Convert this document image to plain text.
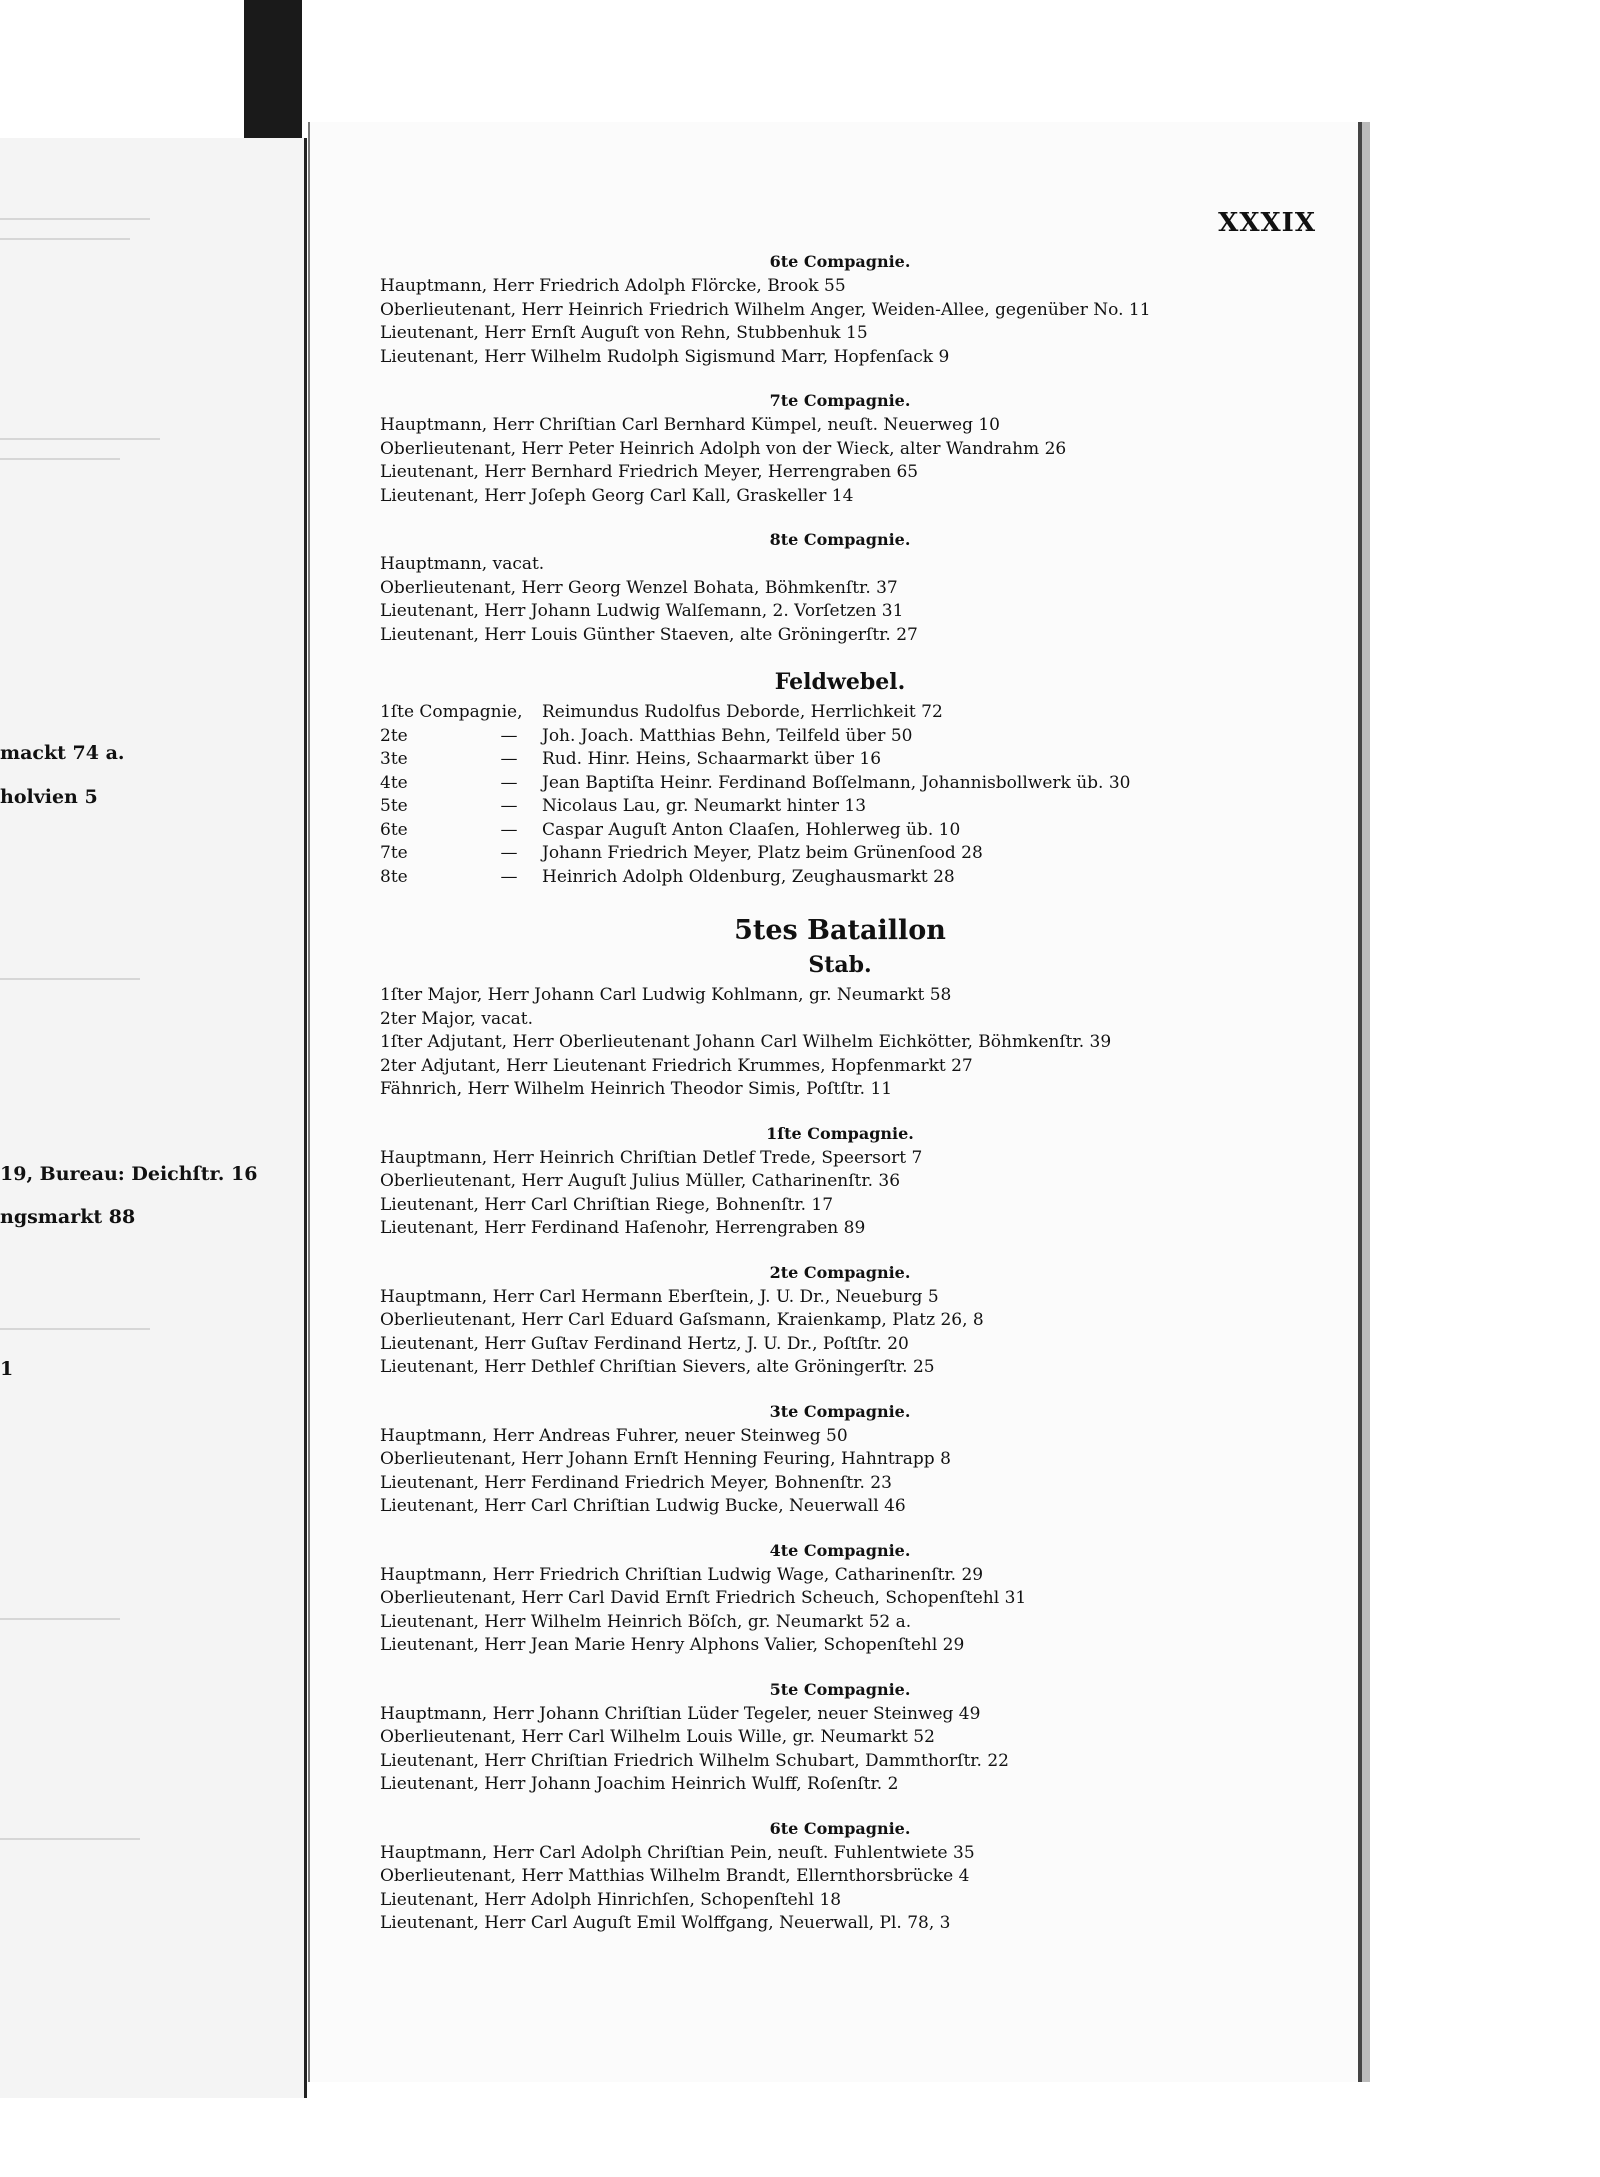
mackt 74 a.
holvien 5
19, Bureau: Deichſtr. 16
ngsmarkt 88
1
XXXIX
6te Compagnie.
Hauptmann, Herr Friedrich Adolph Flörcke, Brook 55
Oberlieutenant, Herr Heinrich Friedrich Wilhelm Anger, Weiden-Allee, gegenüber No. 11
Lieutenant, Herr Ernſt Auguſt von Rehn, Stubbenhuk 15
Lieutenant, Herr Wilhelm Rudolph Sigismund Marr, Hopfenſack 9
7te Compagnie.
Hauptmann, Herr Chriſtian Carl Bernhard Kümpel, neuſt. Neuerweg 10
Oberlieutenant, Herr Peter Heinrich Adolph von der Wieck, alter Wandrahm 26
Lieutenant, Herr Bernhard Friedrich Meyer, Herrengraben 65
Lieutenant, Herr Joſeph Georg Carl Kall, Graskeller 14
8te Compagnie.
Hauptmann, vacat.
Oberlieutenant, Herr Georg Wenzel Bohata, Böhmkenſtr. 37
Lieutenant, Herr Johann Ludwig Walſemann, 2. Vorſetzen 31
Lieutenant, Herr Louis Günther Staeven, alte Gröningerſtr. 27
Feldwebel.
1ſte Compagnie,	Reimundus Rudolfus Deborde, Herrlichkeit 72
2te	—	Joh. Joach. Matthias Behn, Teilfeld über 50
3te	—	Rud. Hinr. Heins, Schaarmarkt über 16
4te	—	Jean Baptiſta Heinr. Ferdinand Boſſelmann, Johannisbollwerk üb. 30
5te	—	Nicolaus Lau, gr. Neumarkt hinter 13
6te	—	Caspar Auguſt Anton Claaſen, Hohlerweg üb. 10
7te	—	Johann Friedrich Meyer, Platz beim Grünenſood 28
8te	—	Heinrich Adolph Oldenburg, Zeughausmarkt 28
5tes Bataillon
Stab.
1ſter Major, Herr Johann Carl Ludwig Kohlmann, gr. Neumarkt 58
2ter Major, vacat.
1ſter Adjutant, Herr Oberlieutenant Johann Carl Wilhelm Eichkötter, Böhmkenſtr. 39
2ter Adjutant, Herr Lieutenant Friedrich Krummes, Hopfenmarkt 27
Fähnrich, Herr Wilhelm Heinrich Theodor Simis, Poſtſtr. 11
1ſte Compagnie.
Hauptmann, Herr Heinrich Chriſtian Detlef Trede, Speersort 7
Oberlieutenant, Herr Auguſt Julius Müller, Catharinenſtr. 36
Lieutenant, Herr Carl Chriſtian Riege, Bohnenſtr. 17
Lieutenant, Herr Ferdinand Haſenohr, Herrengraben 89
2te Compagnie.
Hauptmann, Herr Carl Hermann Eberſtein, J. U. Dr., Neueburg 5
Oberlieutenant, Herr Carl Eduard Gaſsmann, Kraienkamp, Platz 26, 8
Lieutenant, Herr Guſtav Ferdinand Hertz, J. U. Dr., Poſtſtr. 20
Lieutenant, Herr Dethlef Chriſtian Sievers, alte Gröningerſtr. 25
3te Compagnie.
Hauptmann, Herr Andreas Fuhrer, neuer Steinweg 50
Oberlieutenant, Herr Johann Ernſt Henning Feuring, Hahntrapp 8
Lieutenant, Herr Ferdinand Friedrich Meyer, Bohnenſtr. 23
Lieutenant, Herr Carl Chriſtian Ludwig Bucke, Neuerwall 46
4te Compagnie.
Hauptmann, Herr Friedrich Chriſtian Ludwig Wage, Catharinenſtr. 29
Oberlieutenant, Herr Carl David Ernſt Friedrich Scheuch, Schopenſtehl 31
Lieutenant, Herr Wilhelm Heinrich Böſch, gr. Neumarkt 52 a.
Lieutenant, Herr Jean Marie Henry Alphons Valier, Schopenſtehl 29
5te Compagnie.
Hauptmann, Herr Johann Chriſtian Lüder Tegeler, neuer Steinweg 49
Oberlieutenant, Herr Carl Wilhelm Louis Wille, gr. Neumarkt 52
Lieutenant, Herr Chriſtian Friedrich Wilhelm Schubart, Dammthorſtr. 22
Lieutenant, Herr Johann Joachim Heinrich Wulff, Roſenſtr. 2
6te Compagnie.
Hauptmann, Herr Carl Adolph Chriſtian Pein, neuſt. Fuhlentwiete 35
Oberlieutenant, Herr Matthias Wilhelm Brandt, Ellernthorsbrücke 4
Lieutenant, Herr Adolph Hinrichſen, Schopenſtehl 18
Lieutenant, Herr Carl Auguſt Emil Wolffgang, Neuerwall, Pl. 78, 3
